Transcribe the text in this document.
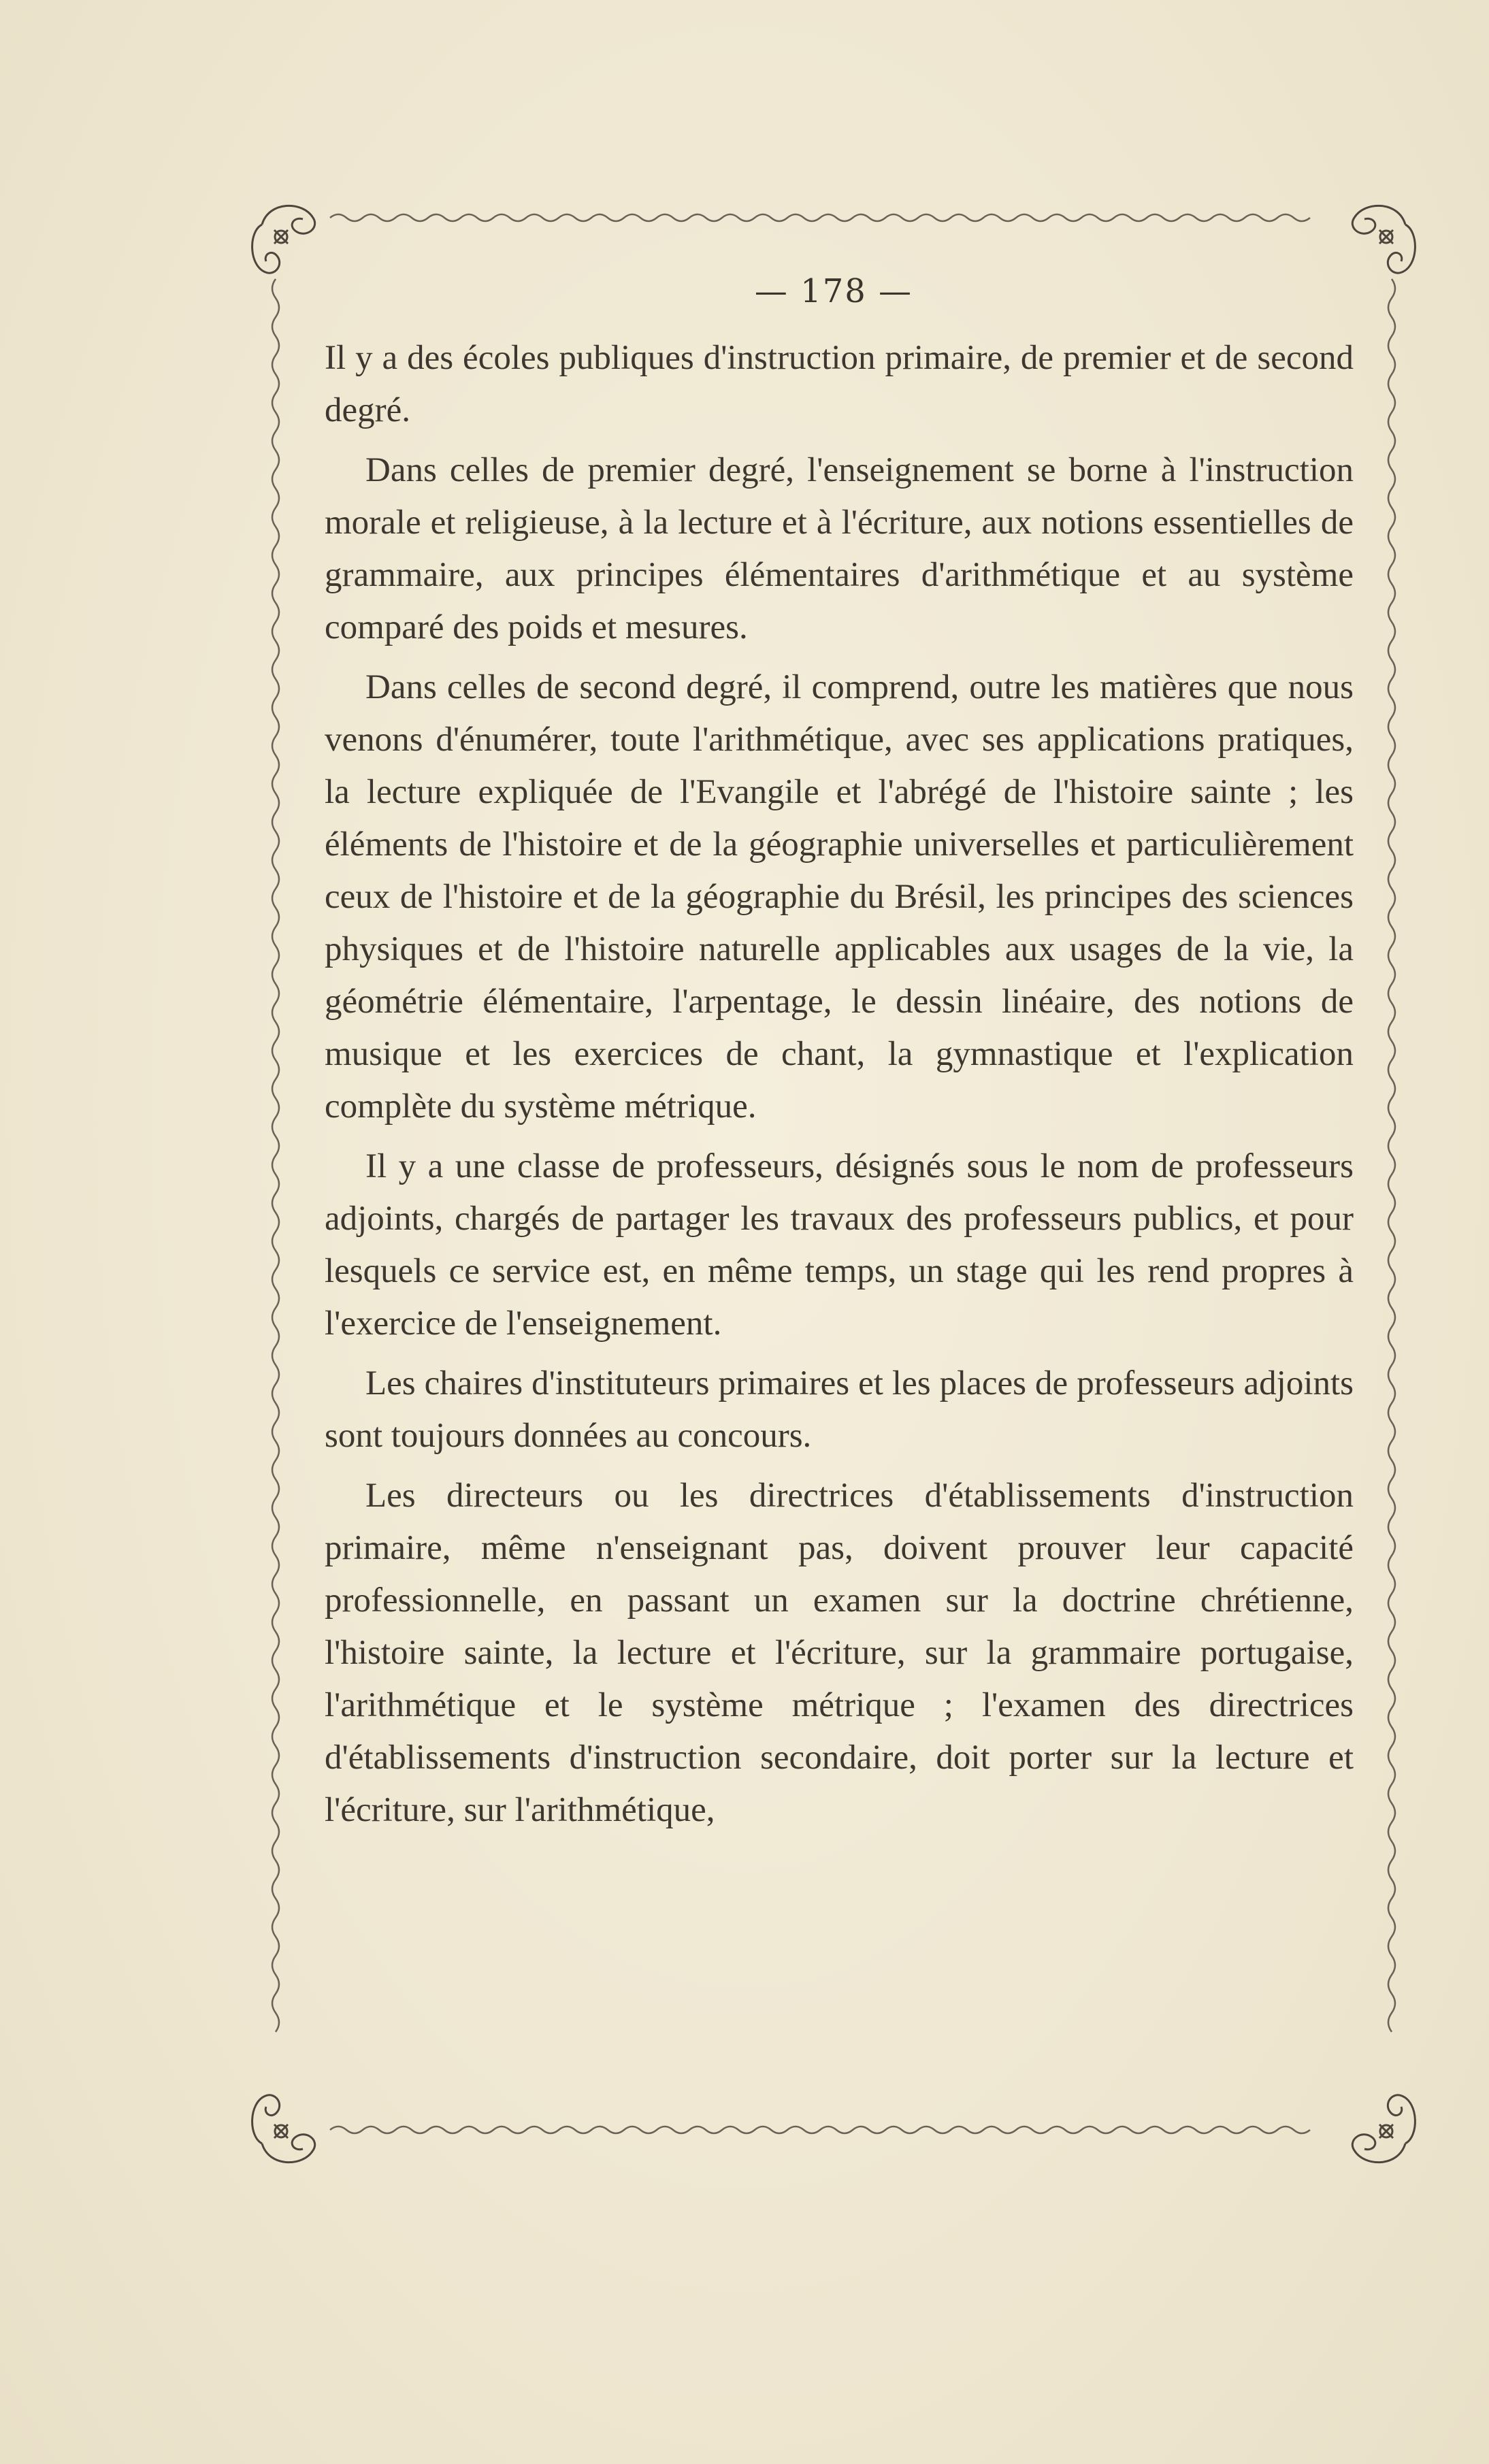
— 178 —

Il y a des écoles publiques d'instruction primaire, de premier et de second degré.

Dans celles de premier degré, l'enseignement se borne à l'instruction morale et religieuse, à la lecture et à l'écriture, aux notions essentielles de grammaire, aux principes élémentaires d'arithmétique et au système comparé des poids et mesures.

Dans celles de second degré, il comprend, outre les matières que nous venons d'énumérer, toute l'arithmétique, avec ses applications pratiques, la lecture expliquée de l'Evangile et l'abrégé de l'histoire sainte ; les éléments de l'histoire et de la géographie universelles et particulièrement ceux de l'histoire et de la géographie du Brésil, les principes des sciences physiques et de l'histoire naturelle applicables aux usages de la vie, la géométrie élémentaire, l'arpentage, le dessin linéaire, des notions de musique et les exercices de chant, la gymnastique et l'explication complète du système métrique.

Il y a une classe de professeurs, désignés sous le nom de professeurs adjoints, chargés de partager les travaux des professeurs publics, et pour lesquels ce service est, en même temps, un stage qui les rend propres à l'exercice de l'enseignement.

Les chaires d'instituteurs primaires et les places de professeurs adjoints sont toujours données au concours.

Les directeurs ou les directrices d'établissements d'instruction primaire, même n'enseignant pas, doivent prouver leur capacité professionnelle, en passant un examen sur la doctrine chrétienne, l'histoire sainte, la lecture et l'écriture, sur la grammaire portugaise, l'arithmétique et le système métrique ; l'examen des directrices d'établissements d'instruction secondaire, doit porter sur la lecture et l'écriture, sur l'arithmétique,
